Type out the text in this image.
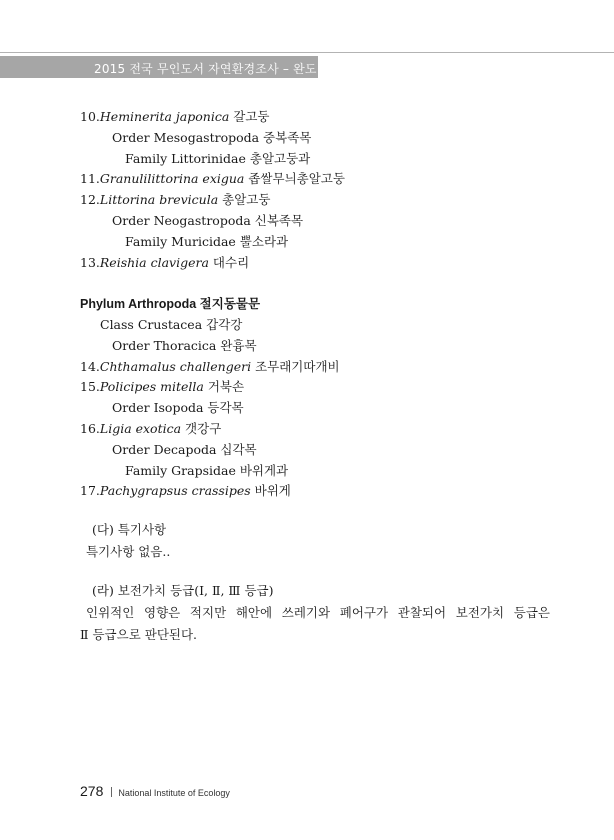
2015 전국 무인도서 자연환경조사 – 완도 권역
10.Heminerita japonica 갈고둥
Order Mesogastropoda 중복족목
Family Littorinidae 총알고둥과
11.Granulilittorina exigua 좁쌀무늬총알고둥
12.Littorina brevicula 총알고둥
Order Neogastropoda 신복족목
Family Muricidae 뿔소라과
13.Reishia clavigera 대수리
Phylum Arthropoda 절지동물문
Class Crustacea 갑각강
Order Thoracica 완흉목
14.Chthamalus challengeri 조무래기따개비
15.Policipes mitella 거북손
Order Isopoda 등각목
16.Ligia exotica 갯강구
Order Decapoda 십각목
Family Grapsidae 바위게과
17.Pachygrapsus crassipes 바위게
(다) 특기사항
특기사항 없음..
(라) 보전가치 등급(Ⅰ, Ⅱ, Ⅲ 등급)
인위적인 영향은 적지만 해안에 쓰레기와 폐어구가 관찰되어 보전가치 등급은
Ⅱ 등급으로 판단된다.
278 National Institute of Ecology
